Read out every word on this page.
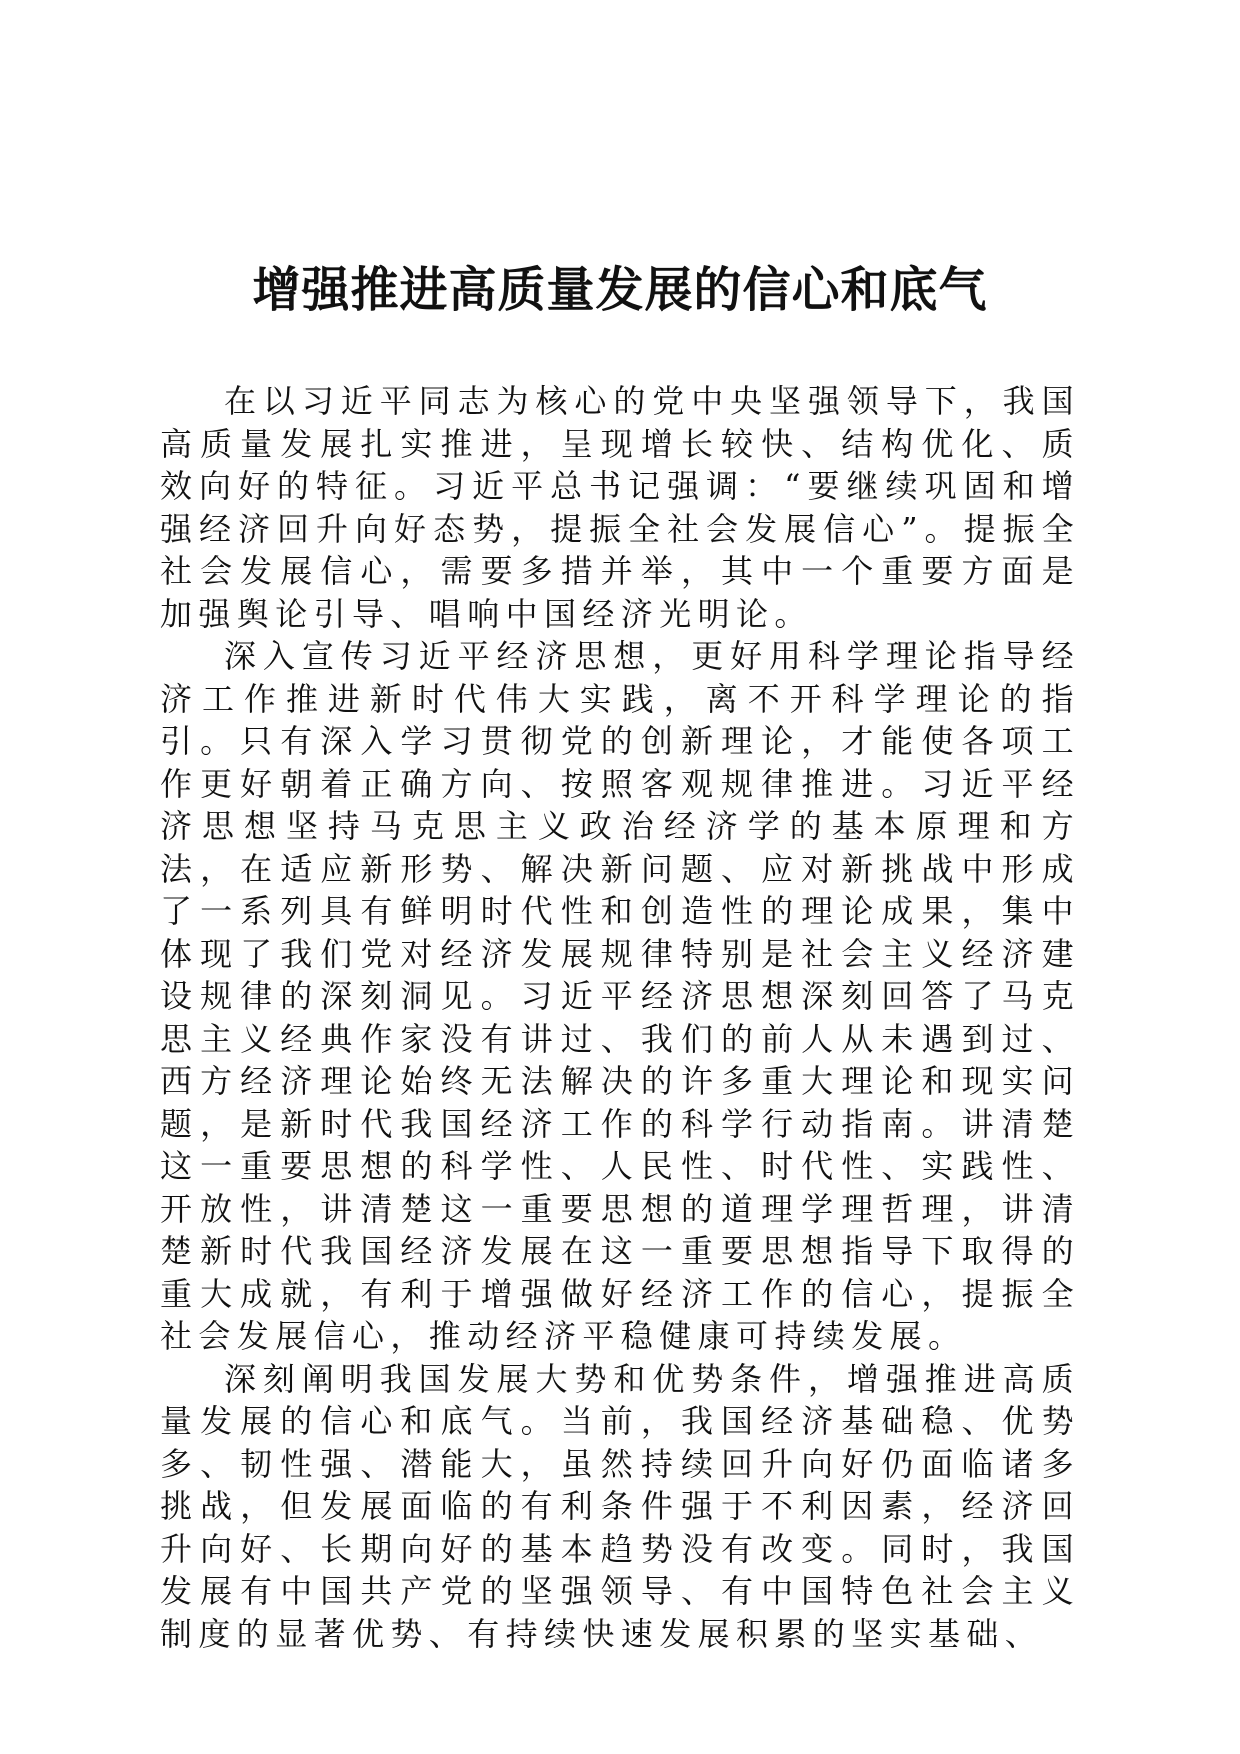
增强推进高质量发展的信心和底气

在以习近平同志为核心的党中央坚强领导下，我国高质量发展扎实推进，呈现增长较快、结构优化、质效向好的特征。习近平总书记强调：“要继续巩固和增强经济回升向好态势，提振全社会发展信心”。提振全社会发展信心，需要多措并举，其中一个重要方面是加强舆论引导、唱响中国经济光明论。

深入宣传习近平经济思想，更好用科学理论指导经济工作推进新时代伟大实践，离不开科学理论的指引。只有深入学习贯彻党的创新理论，才能使各项工作更好朝着正确方向、按照客观规律推进。习近平经济思想坚持马克思主义政治经济学的基本原理和方法，在适应新形势、解决新问题、应对新挑战中形成了一系列具有鲜明时代性和创造性的理论成果，集中体现了我们党对经济发展规律特别是社会主义经济建设规律的深刻洞见。习近平经济思想深刻回答了马克思主义经典作家没有讲过、我们的前人从未遇到过、西方经济理论始终无法解决的许多重大理论和现实问题，是新时代我国经济工作的科学行动指南。讲清楚这一重要思想的科学性、人民性、时代性、实践性、开放性，讲清楚这一重要思想的道理学理哲理，讲清楚新时代我国经济发展在这一重要思想指导下取得的重大成就，有利于增强做好经济工作的信心，提振全社会发展信心，推动经济平稳健康可持续发展。

深刻阐明我国发展大势和优势条件，增强推进高质量发展的信心和底气。当前，我国经济基础稳、优势多、韧性强、潜能大，虽然持续回升向好仍面临诸多挑战，但发展面临的有利条件强于不利因素，经济回升向好、长期向好的基本趋势没有改变。同时，我国发展有中国共产党的坚强领导、有中国特色社会主义制度的显著优势、有持续快速发展积累的坚实基础、
